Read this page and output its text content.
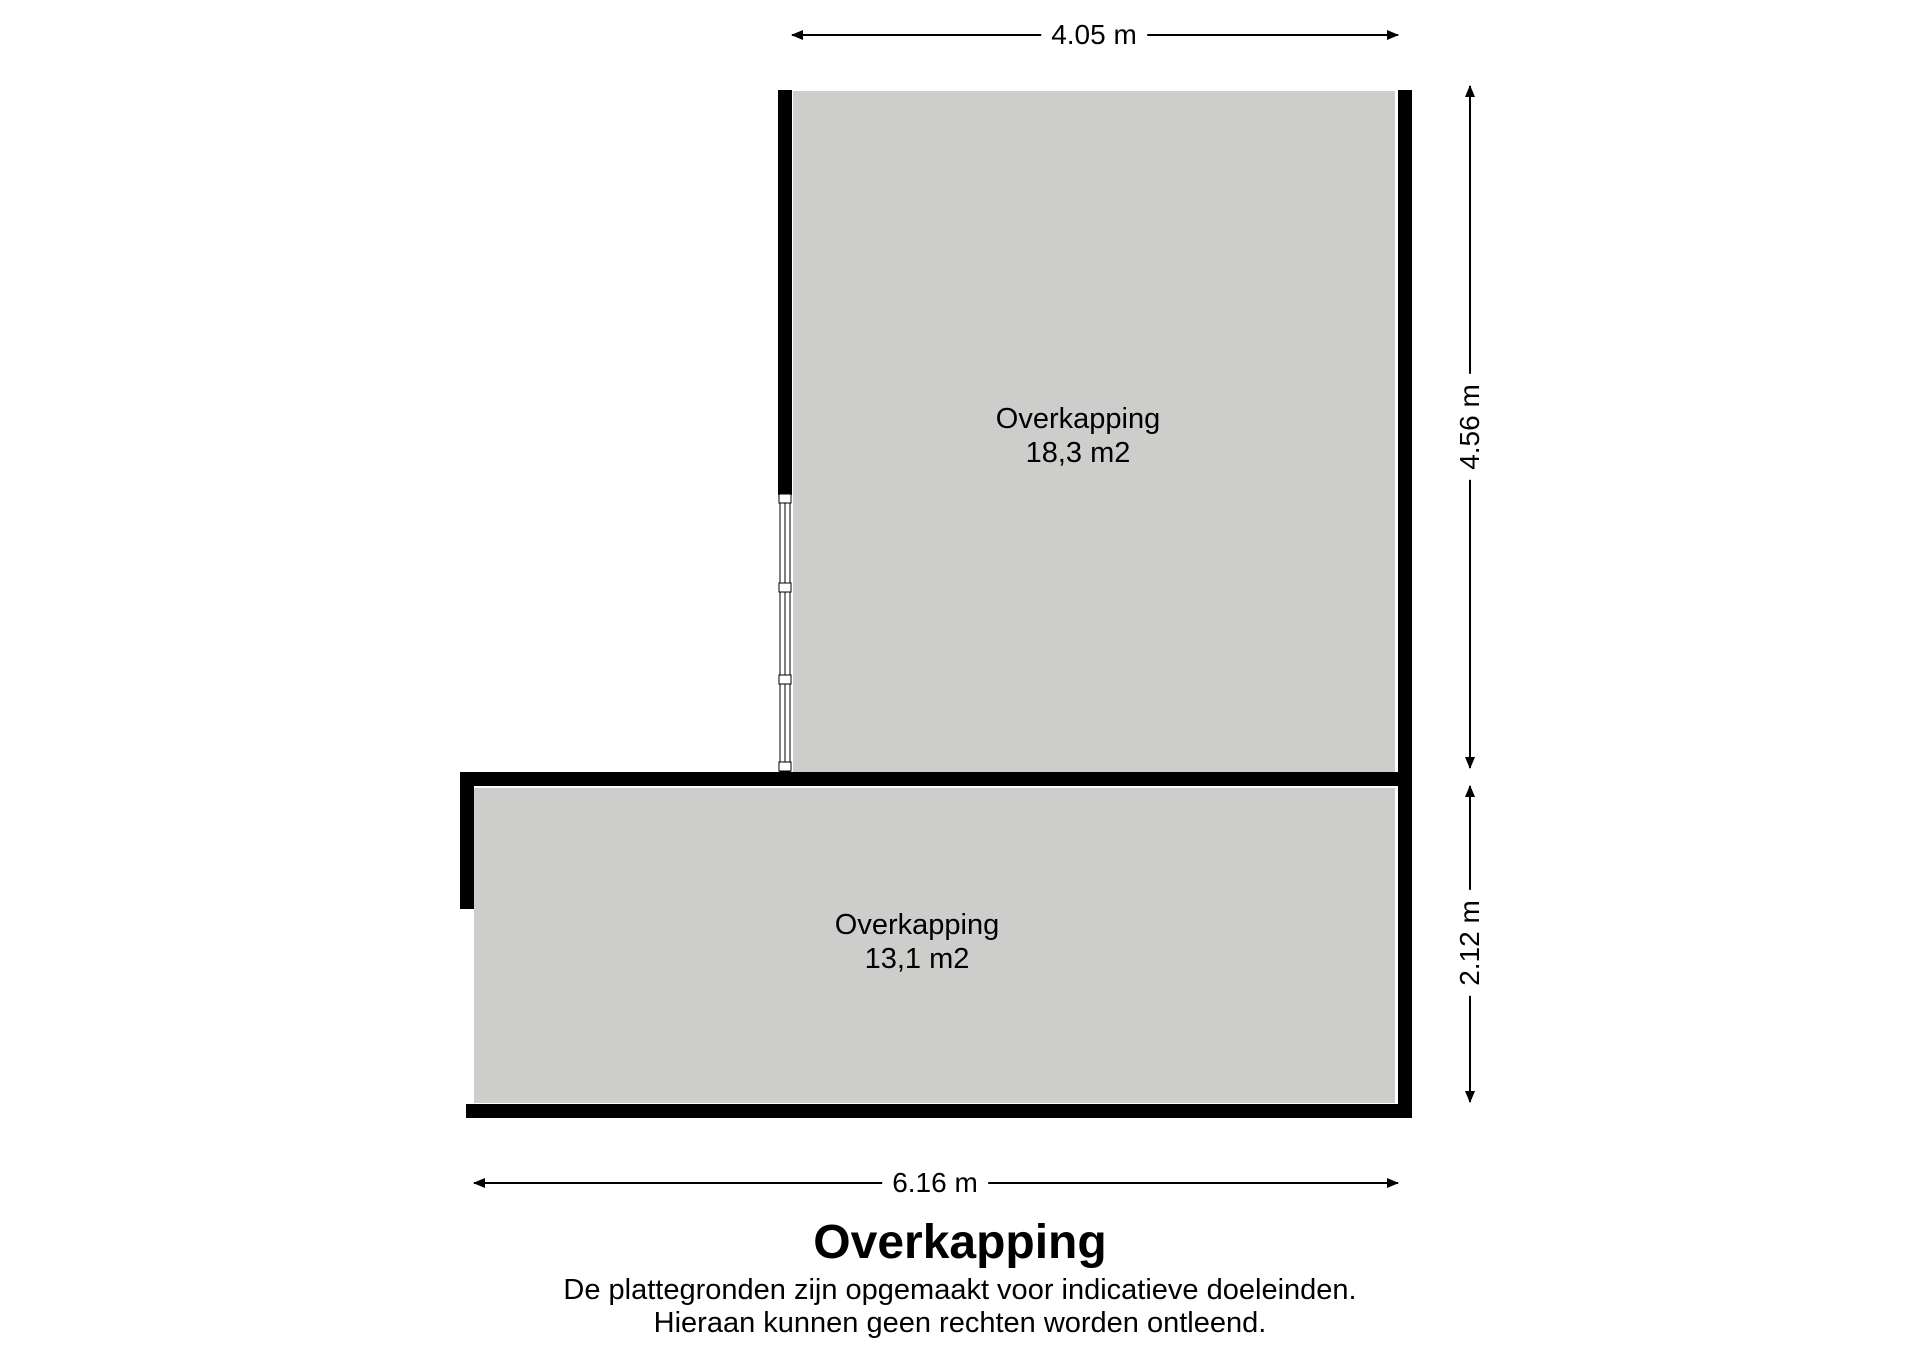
Overkapping
18,3 m2
Overkapping
13,1 m2
4.05 m
4.56 m
2.12 m
6.16 m
Overkapping
De plattegronden zijn opgemaakt voor indicatieve doeleinden.
Hieraan kunnen geen rechten worden ontleend.
